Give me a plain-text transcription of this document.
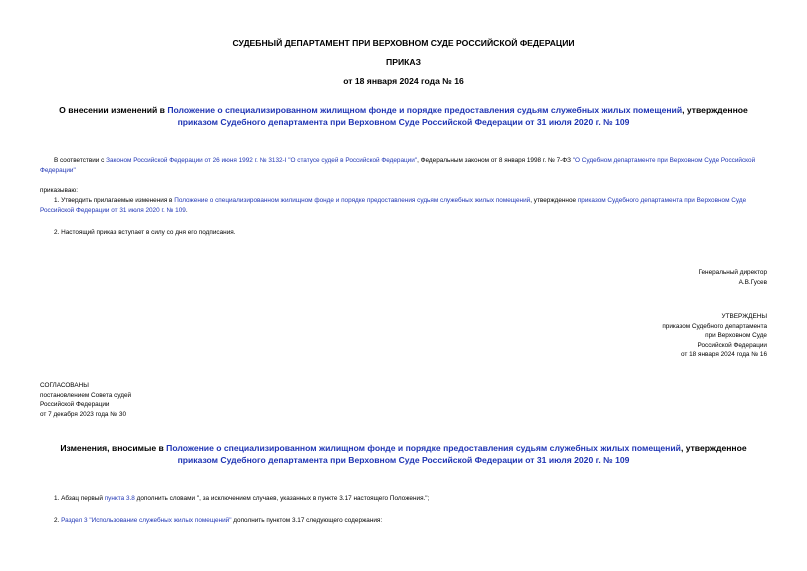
СУДЕБНЫЙ ДЕПАРТАМЕНТ ПРИ ВЕРХОВНОМ СУДЕ РОССИЙСКОЙ ФЕДЕРАЦИИ
ПРИКАЗ
от 18 января 2024 года № 16
О внесении изменений в Положение о специализированном жилищном фонде и порядке предоставления судьям служебных жилых помещений, утвержденное приказом Судебного департамента при Верховном Суде Российской Федерации от 31 июля 2020 г. № 109
В соответствии с Законом Российской Федерации от 26 июня 1992 г. № 3132-I "О статусе судей в Российской Федерации", Федеральным законом от 8 января 1998 г. № 7-ФЗ "О Судебном департаменте при Верховном Суде Российской Федерации"
приказываю:
1. Утвердить прилагаемые изменения в Положение о специализированном жилищном фонде и порядке предоставления судьям служебных жилых помещений, утвержденное приказом Судебного департамента при Верховном Суде Российской Федерации от 31 июля 2020 г. № 109.
2. Настоящий приказ вступает в силу со дня его подписания.
Генеральный директор
А.В.Гусев
УТВЕРЖДЕНЫ
приказом Судебного департамента
при Верховном Суде
Российской Федерации
от 18 января 2024 года № 16
СОГЛАСОВАНЫ
постановлением Совета судей
Российской Федерации
от 7 декабря 2023 года № 30
Изменения, вносимые в Положение о специализированном жилищном фонде и порядке предоставления судьям служебных жилых помещений, утвержденное приказом Судебного департамента при Верховном Суде Российской Федерации от 31 июля 2020 г. № 109
1. Абзац первый пункта 3.8 дополнить словами ", за исключением случаев, указанных в пункте 3.17 настоящего Положения.";
2. Раздел 3 "Использование служебных жилых помещений" дополнить пунктом 3.17 следующего содержания:
